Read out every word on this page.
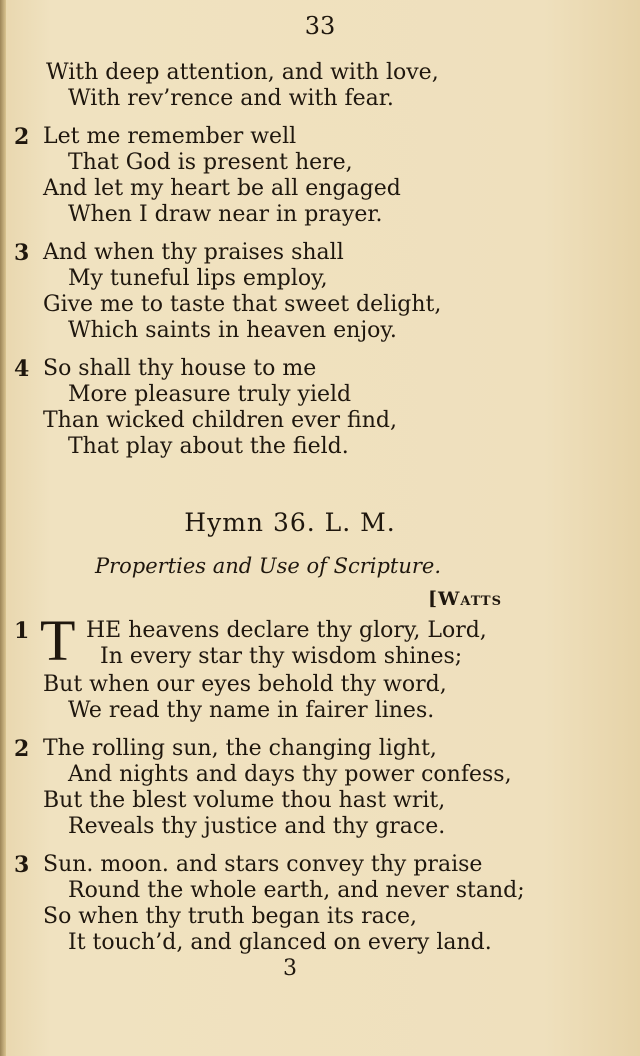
33
With deep attention, and with love,
With rev’rence and with fear.
2 Let me remember well
That God is present here,
And let my heart be all engaged
When I draw near in prayer.
3 And when thy praises shall
My tuneful lips employ,
Give me to taste that sweet delight,
Which saints in heaven enjoy.
4 So shall thy house to me
More pleasure truly yield
Than wicked children ever find,
That play about the field.
Hymn 36. L. M.
Properties and Use of Scripture.
[Watts
1 T HE heavens declare thy glory, Lord,
In every star thy wisdom shines;
But when our eyes behold thy word,
We read thy name in fairer lines.
2 The rolling sun, the changing light,
And nights and days thy power confess,
But the blest volume thou hast writ,
Reveals thy justice and thy grace.
3 Sun. moon. and stars convey thy praise
Round the whole earth, and never stand;
So when thy truth began its race,
It touch’d, and glanced on every land.
3
